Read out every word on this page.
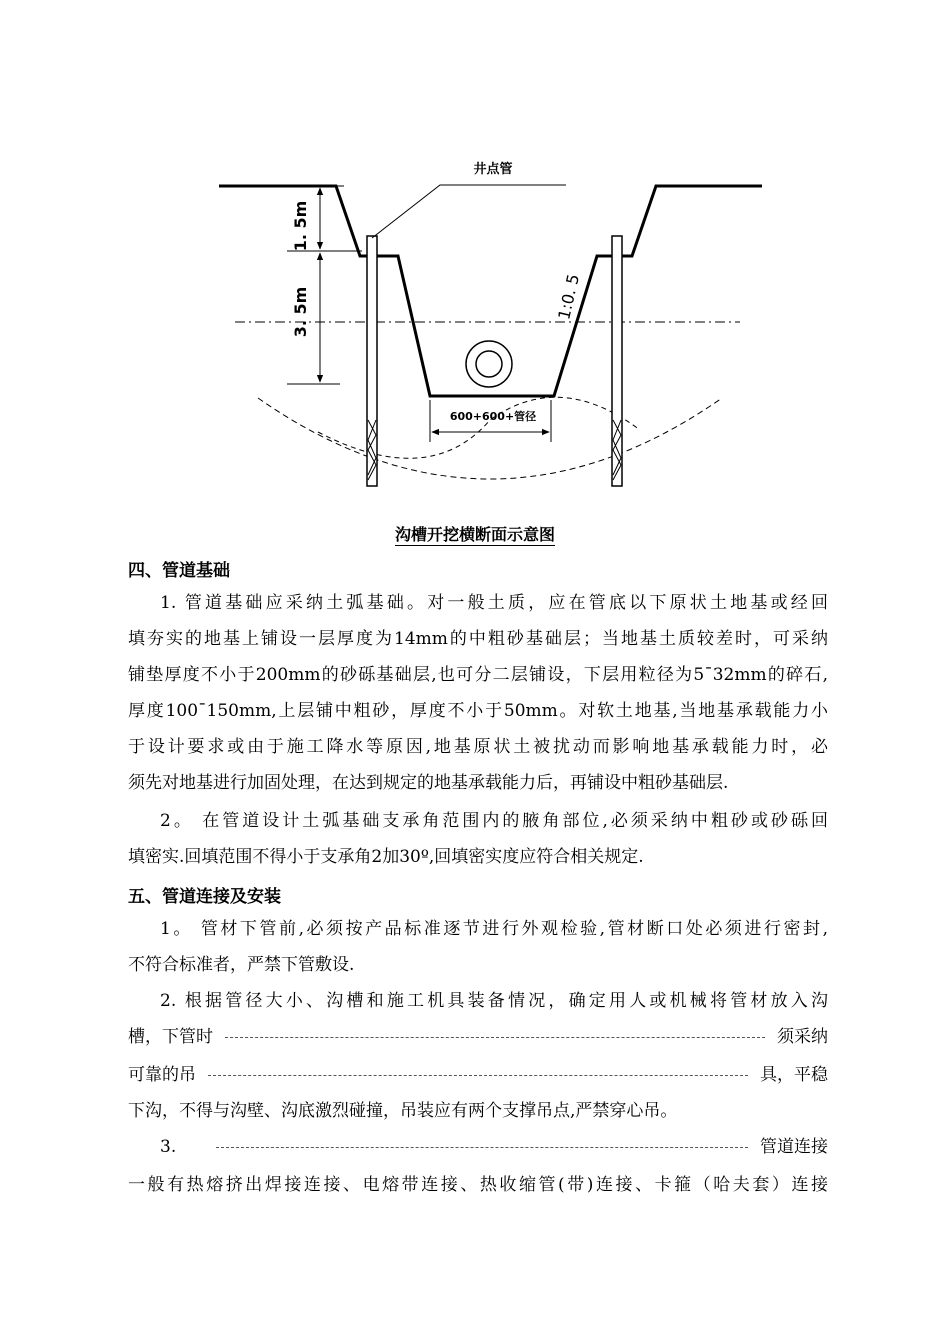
井点管
1. 5m
3. 5m	1:0. 5
600+600+管径
沟槽开挖横断面示意图
四、管道基础
1. 管道基础应采纳土弧基础。对一般土质，应在管底以下原状土地基或经回
填夯实的地基上铺设一层厚度为14mm的中粗砂基础层；当地基土质较差时，可采纳
铺垫厚度不小于200mm的砂砾基础层,也可分二层铺设，下层用粒径为5¯32mm的碎石,
厚度100¯150mm,上层铺中粗砂，厚度不小于50mm。对软土地基,当地基承载能力小
于设计要求或由于施工降水等原因,地基原状土被扰动而影响地基承载能力时，必
须先对地基进行加固处理，在达到规定的地基承载能力后，再铺设中粗砂基础层.
2。 在管道设计土弧基础支承角范围内的腋角部位,必须采纳中粗砂或砂砾回
填密实.回填范围不得小于支承角2加30º,回填密实度应符合相关规定.
五、管道连接及安装
1。 管材下管前,必须按产品标准逐节进行外观检验,管材断口处必须进行密封,
不符合标准者，严禁下管敷设.
2. 根据管径大小、沟槽和施工机具装备情况，确定用人或机械将管材放入沟
槽，下管时	须采纳
可靠的吊	具，平稳
下沟，不得与沟壁、沟底激烈碰撞，吊装应有两个支撑吊点,严禁穿心吊。
3.	管道连接
一般有热熔挤出焊接连接、电熔带连接、热收缩管(带)连接、卡箍（哈夫套）连接
